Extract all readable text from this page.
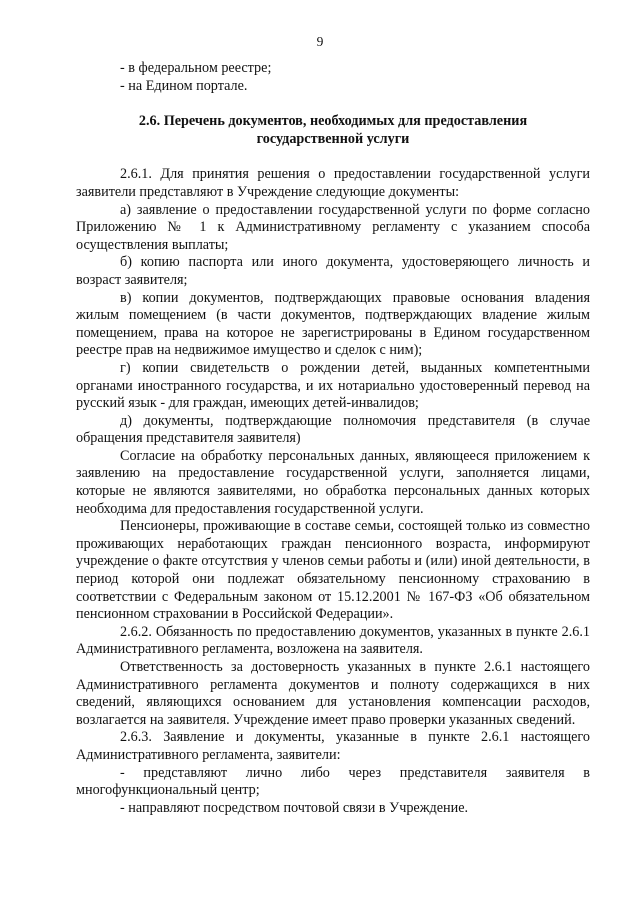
9

- в федеральном реестре;

- на Едином портале.

2.6. Перечень документов, необходимых для предоставления государственной услуги

2.6.1. Для принятия решения о предоставлении государственной услуги заявители представляют в Учреждение следующие документы:

а) заявление о предоставлении государственной услуги по форме согласно Приложению № 1 к Административному регламенту с указанием способа осуществления выплаты;

б) копию паспорта или иного документа, удостоверяющего личность и возраст заявителя;

в) копии документов, подтверждающих правовые основания владения жилым помещением (в части документов, подтверждающих владение жилым помещением, права на которое не зарегистрированы в Едином государственном реестре прав на недвижимое имущество и сделок с ним);

г) копии свидетельств о рождении детей, выданных компетентными органами иностранного государства, и их нотариально удостоверенный перевод на русский язык - для граждан, имеющих детей-инвалидов;

д) документы, подтверждающие полномочия представителя (в случае обращения представителя заявителя)

Согласие на обработку персональных данных, являющееся приложением к заявлению на предоставление государственной услуги, заполняется лицами, которые не являются заявителями, но обработка персональных данных которых необходима для предоставления государственной услуги.

Пенсионеры, проживающие в составе семьи, состоящей только из совместно проживающих неработающих граждан пенсионного возраста, информируют учреждение о факте отсутствия у членов семьи работы и (или) иной деятельности, в период которой они подлежат обязательному пенсионному страхованию в соответствии с Федеральным законом от 15.12.2001 № 167-ФЗ «Об обязательном пенсионном страховании в Российской Федерации».

2.6.2. Обязанность по предоставлению документов, указанных в пункте 2.6.1 Административного регламента, возложена на заявителя.

Ответственность за достоверность указанных в пункте 2.6.1 настоящего Административного регламента документов и полноту содержащихся в них сведений, являющихся основанием для установления компенсации расходов, возлагается на заявителя. Учреждение имеет право проверки указанных сведений.

2.6.3. Заявление и документы, указанные в пункте 2.6.1 настоящего Административного регламента, заявители:

- представляют лично либо через представителя заявителя в многофункциональный центр;

- направляют посредством почтовой связи в Учреждение.
